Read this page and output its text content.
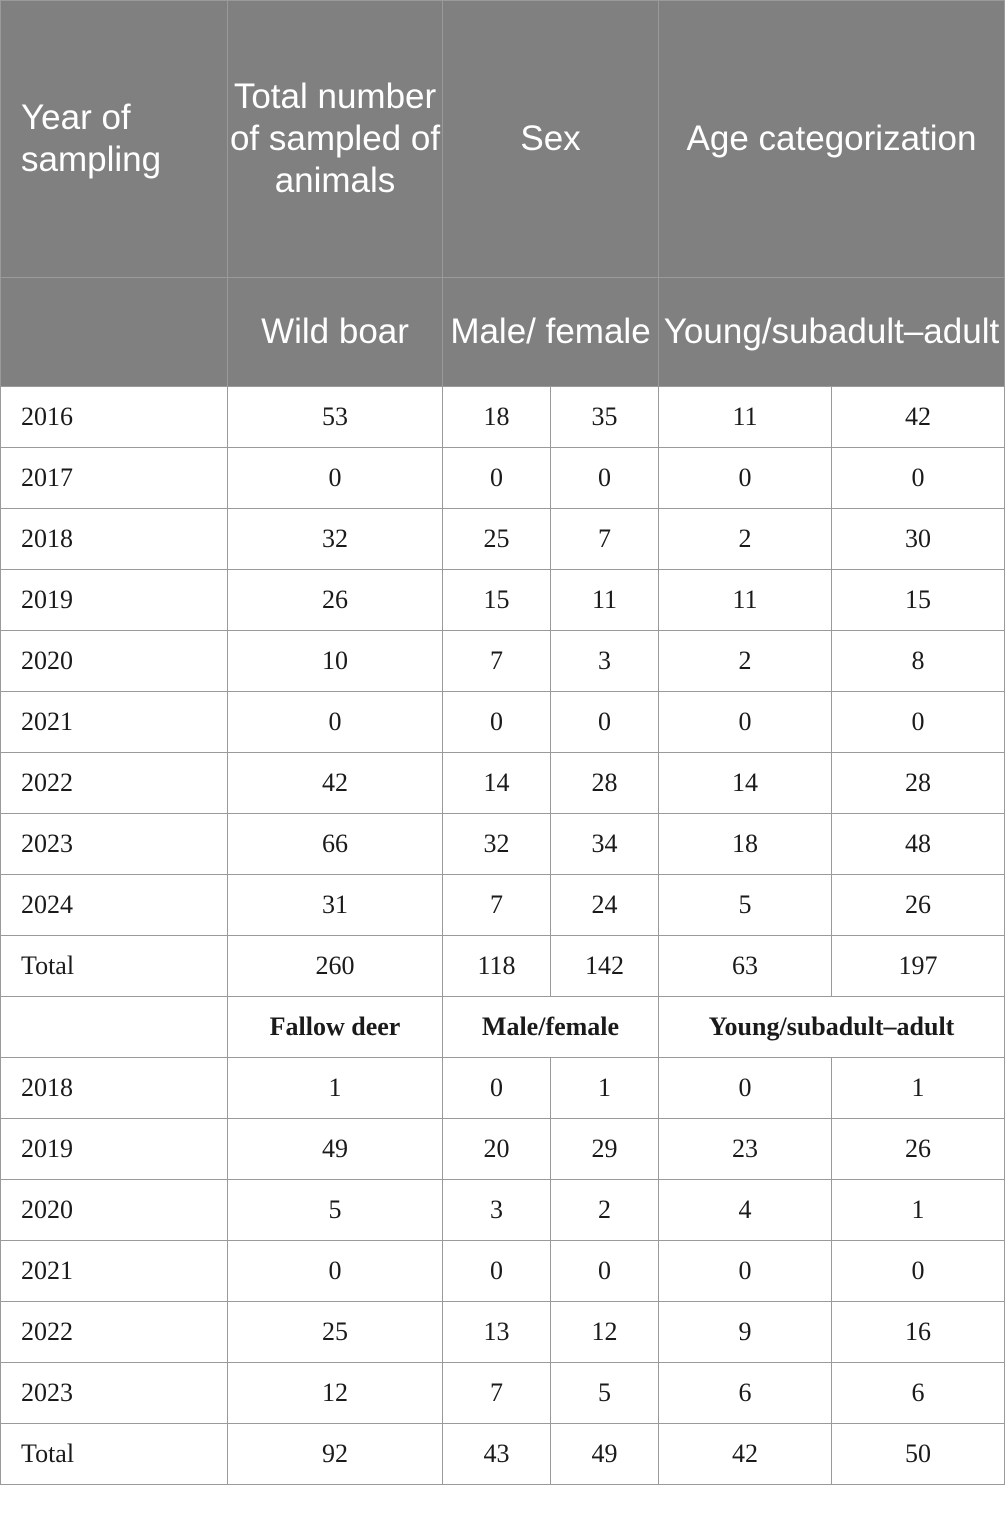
Year of sampling	Total number of sampled of animals	Sex		Age categorization	
	Wild boar	Male/ female		Young/subadult–adult	
2016	53	18	35	11	42
2017	0	0	0	0	0
2018	32	25	7	2	30
2019	26	15	11	11	15
2020	10	7	3	2	8
2021	0	0	0	0	0
2022	42	14	28	14	28
2023	66	32	34	18	48
2024	31	7	24	5	26
Total	260	118	142	63	197
	Fallow deer	Male/female		Young/subadult–adult	
2018	1	0	1	0	1
2019	49	20	29	23	26
2020	5	3	2	4	1
2021	0	0	0	0	0
2022	25	13	12	9	16
2023	12	7	5	6	6
Total	92	43	49	42	50
